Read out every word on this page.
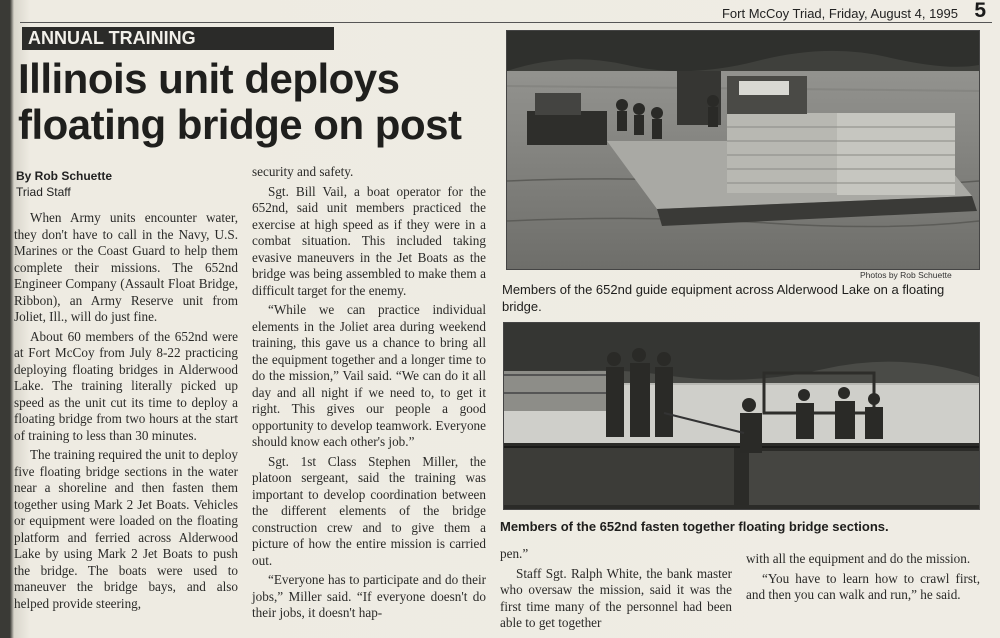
Fort McCoy Triad, Friday, August 4, 1995 5
ANNUAL TRAINING
Illinois unit deploys floating bridge on post
By Rob Schuette
Triad Staff

When Army units encounter water, they don't have to call in the Navy, U.S. Marines or the Coast Guard to help them complete their missions. The 652nd Engineer Company (Assault Float Bridge, Ribbon), an Army Reserve unit from Joliet, Ill., will do just fine.

About 60 members of the 652nd were at Fort McCoy from July 8-22 practicing deploying floating bridges in Alderwood Lake. The training literally picked up speed as the unit cut its time to deploy a floating bridge from two hours at the start of training to less than 30 minutes.

The training required the unit to deploy five floating bridge sections in the water near a shoreline and then fasten them together using Mark 2 Jet Boats. Vehicles or equipment were loaded on the floating platform and ferried across Alderwood Lake by using Mark 2 Jet Boats to push the bridge. The boats were used to maneuver the bridge bays, and also helped provide steering,

security and safety.

Sgt. Bill Vail, a boat operator for the 652nd, said unit members practiced the exercise at high speed as if they were in a combat situation. This included taking evasive maneuvers in the Jet Boats as the bridge was being assembled to make them a difficult target for the enemy.

“While we can practice individual elements in the Joliet area during weekend training, this gave us a chance to bring all the equipment together and a longer time to do the mission,” Vail said. “We can do it all day and all night if we need to, to get it right. This gives our people a good opportunity to develop teamwork. Everyone should know each other's job.”

Sgt. 1st Class Stephen Miller, the platoon sergeant, said the training was important to develop coordination between the different elements of the bridge construction crew and to give them a picture of how the entire mission is carried out.

“Everyone has to participate and do their jobs,” Miller said. “If everyone doesn't do their jobs, it doesn't hap-

Photos by Rob Schuette
Members of the 652nd guide equipment across Alderwood Lake on a floating bridge.
Members of the 652nd fasten together floating bridge sections.

pen.”

Staff Sgt. Ralph White, the bank master who oversaw the mission, said it was the first time many of the personnel had been able to get together

with all the equipment and do the mission.

“You have to learn how to crawl first, and then you can walk and run,” he said.
